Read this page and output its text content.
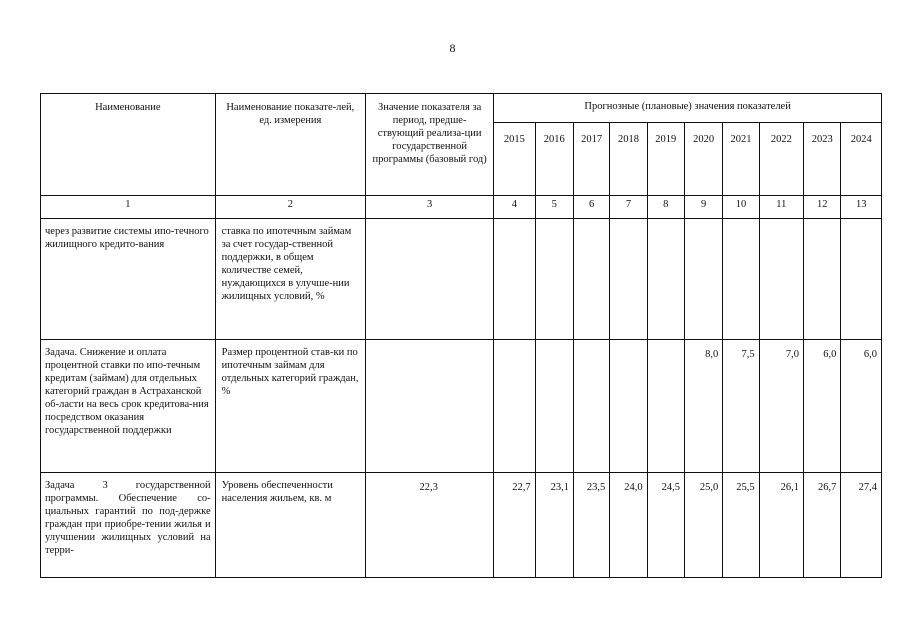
8
Наименование	Наименование показате-лей, ед. измерения	Значение показателя за период, предше-ствующий реализа-ции государственной программы (базовый год)	Прогнозные (плановые) значения показателей									
			2015	2016	2017	2018	2019	2020	2021	2022	2023	2024
1	2	3	4	5	6	7	8	9	10	11	12	13
через развитие системы ипо-течного жилищного кредито-вания	ставка по ипотечным займам за счет государ-ственной поддержки, в общем количестве семей, нуждающихся в улучше-нии жилищных условий, %											
Задача. Снижение и оплата процентной ставки по ипо-течным кредитам (займам) для отдельных категорий граждан в Астраханской об-ласти на весь срок кредитова-ния посредством оказания государственной поддержки	Размер процентной став-ки по ипотечным займам для отдельных категорий граждан, %							8,0	7,5	7,0	6,0	6,0
Задача 3 государственной программы. Обеспечение со-циальных гарантий по под-держке граждан при приобре-тении жилья и улучшении жилищных условий на терри-	Уровень обеспеченности населения жильем, кв. м	22,3	22,7	23,1	23,5	24,0	24,5	25,0	25,5	26,1	26,7	27,4
